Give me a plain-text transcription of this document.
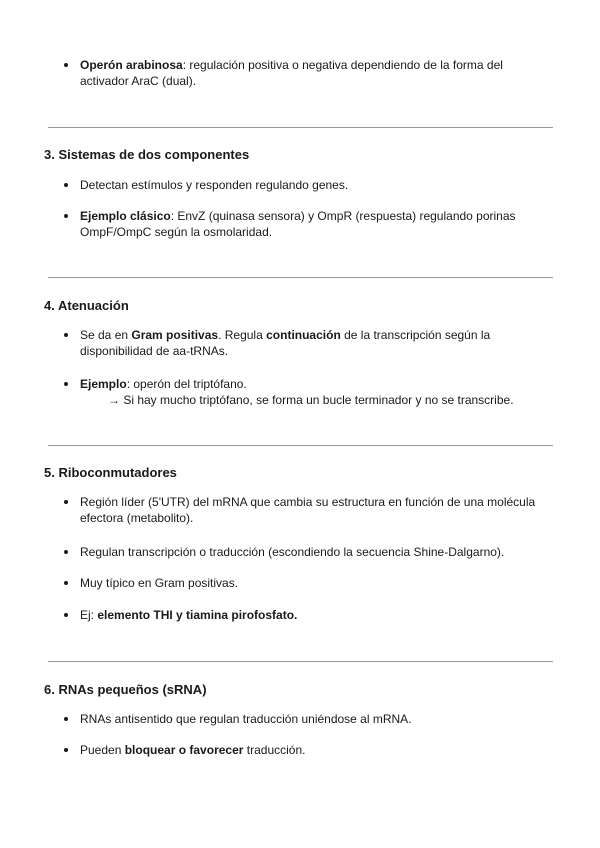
Operón arabinosa: regulación positiva o negativa dependiendo de la forma del activador AraC (dual).
3. Sistemas de dos componentes
Detectan estímulos y responden regulando genes.
Ejemplo clásico: EnvZ (quinasa sensora) y OmpR (respuesta) regulando porinas OmpF/OmpC según la osmolaridad.
4. Atenuación
Se da en Gram positivas. Regula continuación de la transcripción según la disponibilidad de aa-tRNAs.
Ejemplo: operón del triptófano.
→ Si hay mucho triptófano, se forma un bucle terminador y no se transcribe.
5. Riboconmutadores
Región líder (5'UTR) del mRNA que cambia su estructura en función de una molécula efectora (metabolito).
Regulan transcripción o traducción (escondiendo la secuencia Shine-Dalgarno).
Muy típico en Gram positivas.
Ej: elemento THI y tiamina pirofosfato.
6. RNAs pequeños (sRNA)
RNAs antisentido que regulan traducción uniéndose al mRNA.
Pueden bloquear o favorecer traducción.
